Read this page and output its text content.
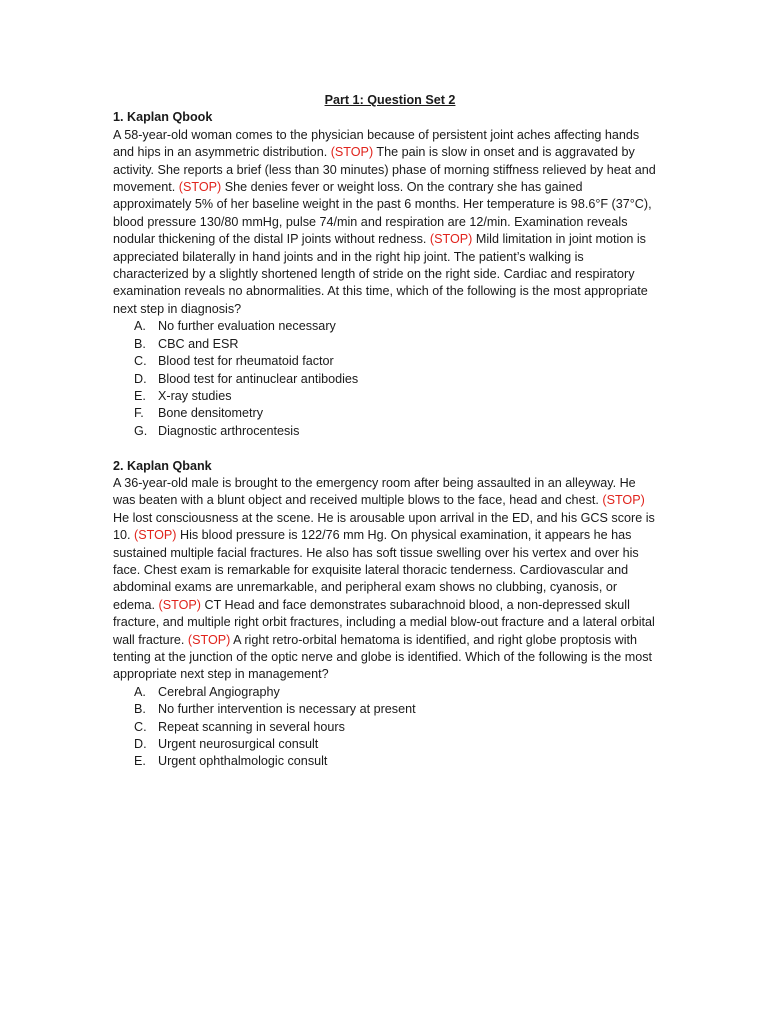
Part 1: Question Set 2
1. Kaplan Qbook

A 58-year-old woman comes to the physician because of persistent joint aches affecting hands and hips in an asymmetric distribution. (STOP) The pain is slow in onset and is aggravated by activity. She reports a brief (less than 30 minutes) phase of morning stiffness relieved by heat and movement. (STOP) She denies fever or weight loss. On the contrary she has gained approximately 5% of her baseline weight in the past 6 months. Her temperature is 98.6°F (37°C), blood pressure 130/80 mmHg, pulse 74/min and respiration are 12/min. Examination reveals nodular thickening of the distal IP joints without redness. (STOP) Mild limitation in joint motion is appreciated bilaterally in hand joints and in the right hip joint. The patient’s walking is characterized by a slightly shortened length of stride on the right side. Cardiac and respiratory examination reveals no abnormalities. At this time, which of the following is the most appropriate next step in diagnosis?

A. No further evaluation necessary
B. CBC and ESR
C. Blood test for rheumatoid factor
D. Blood test for antinuclear antibodies
E. X-ray studies
F.	Bone densitometry
G. Diagnostic arthrocentesis
2. Kaplan Qbank

A 36-year-old male is brought to the emergency room after being assaulted in an alleyway. He was beaten with a blunt object and received multiple blows to the face, head and chest. (STOP) He lost consciousness at the scene. He is arousable upon arrival in the ED, and his GCS score is 10. (STOP) His blood pressure is 122/76 mm Hg. On physical examination, it appears he has sustained multiple facial fractures. He also has soft tissue swelling over his vertex and over his face. Chest exam is remarkable for exquisite lateral thoracic tenderness. Cardiovascular and abdominal exams are unremarkable, and peripheral exam shows no clubbing, cyanosis, or edema. (STOP) CT Head and face demonstrates subarachnoid blood, a non-depressed skull fracture, and multiple right orbit fractures, including a medial blow-out fracture and a lateral orbital wall fracture. (STOP) A right retro-orbital hematoma is identified, and right globe proptosis with tenting at the junction of the optic nerve and globe is identified. Which of the following is the most appropriate next step in management?

A. Cerebral Angiography
B. No further intervention is necessary at present
C. Repeat scanning in several hours
D. Urgent neurosurgical consult
E. Urgent ophthalmologic consult
